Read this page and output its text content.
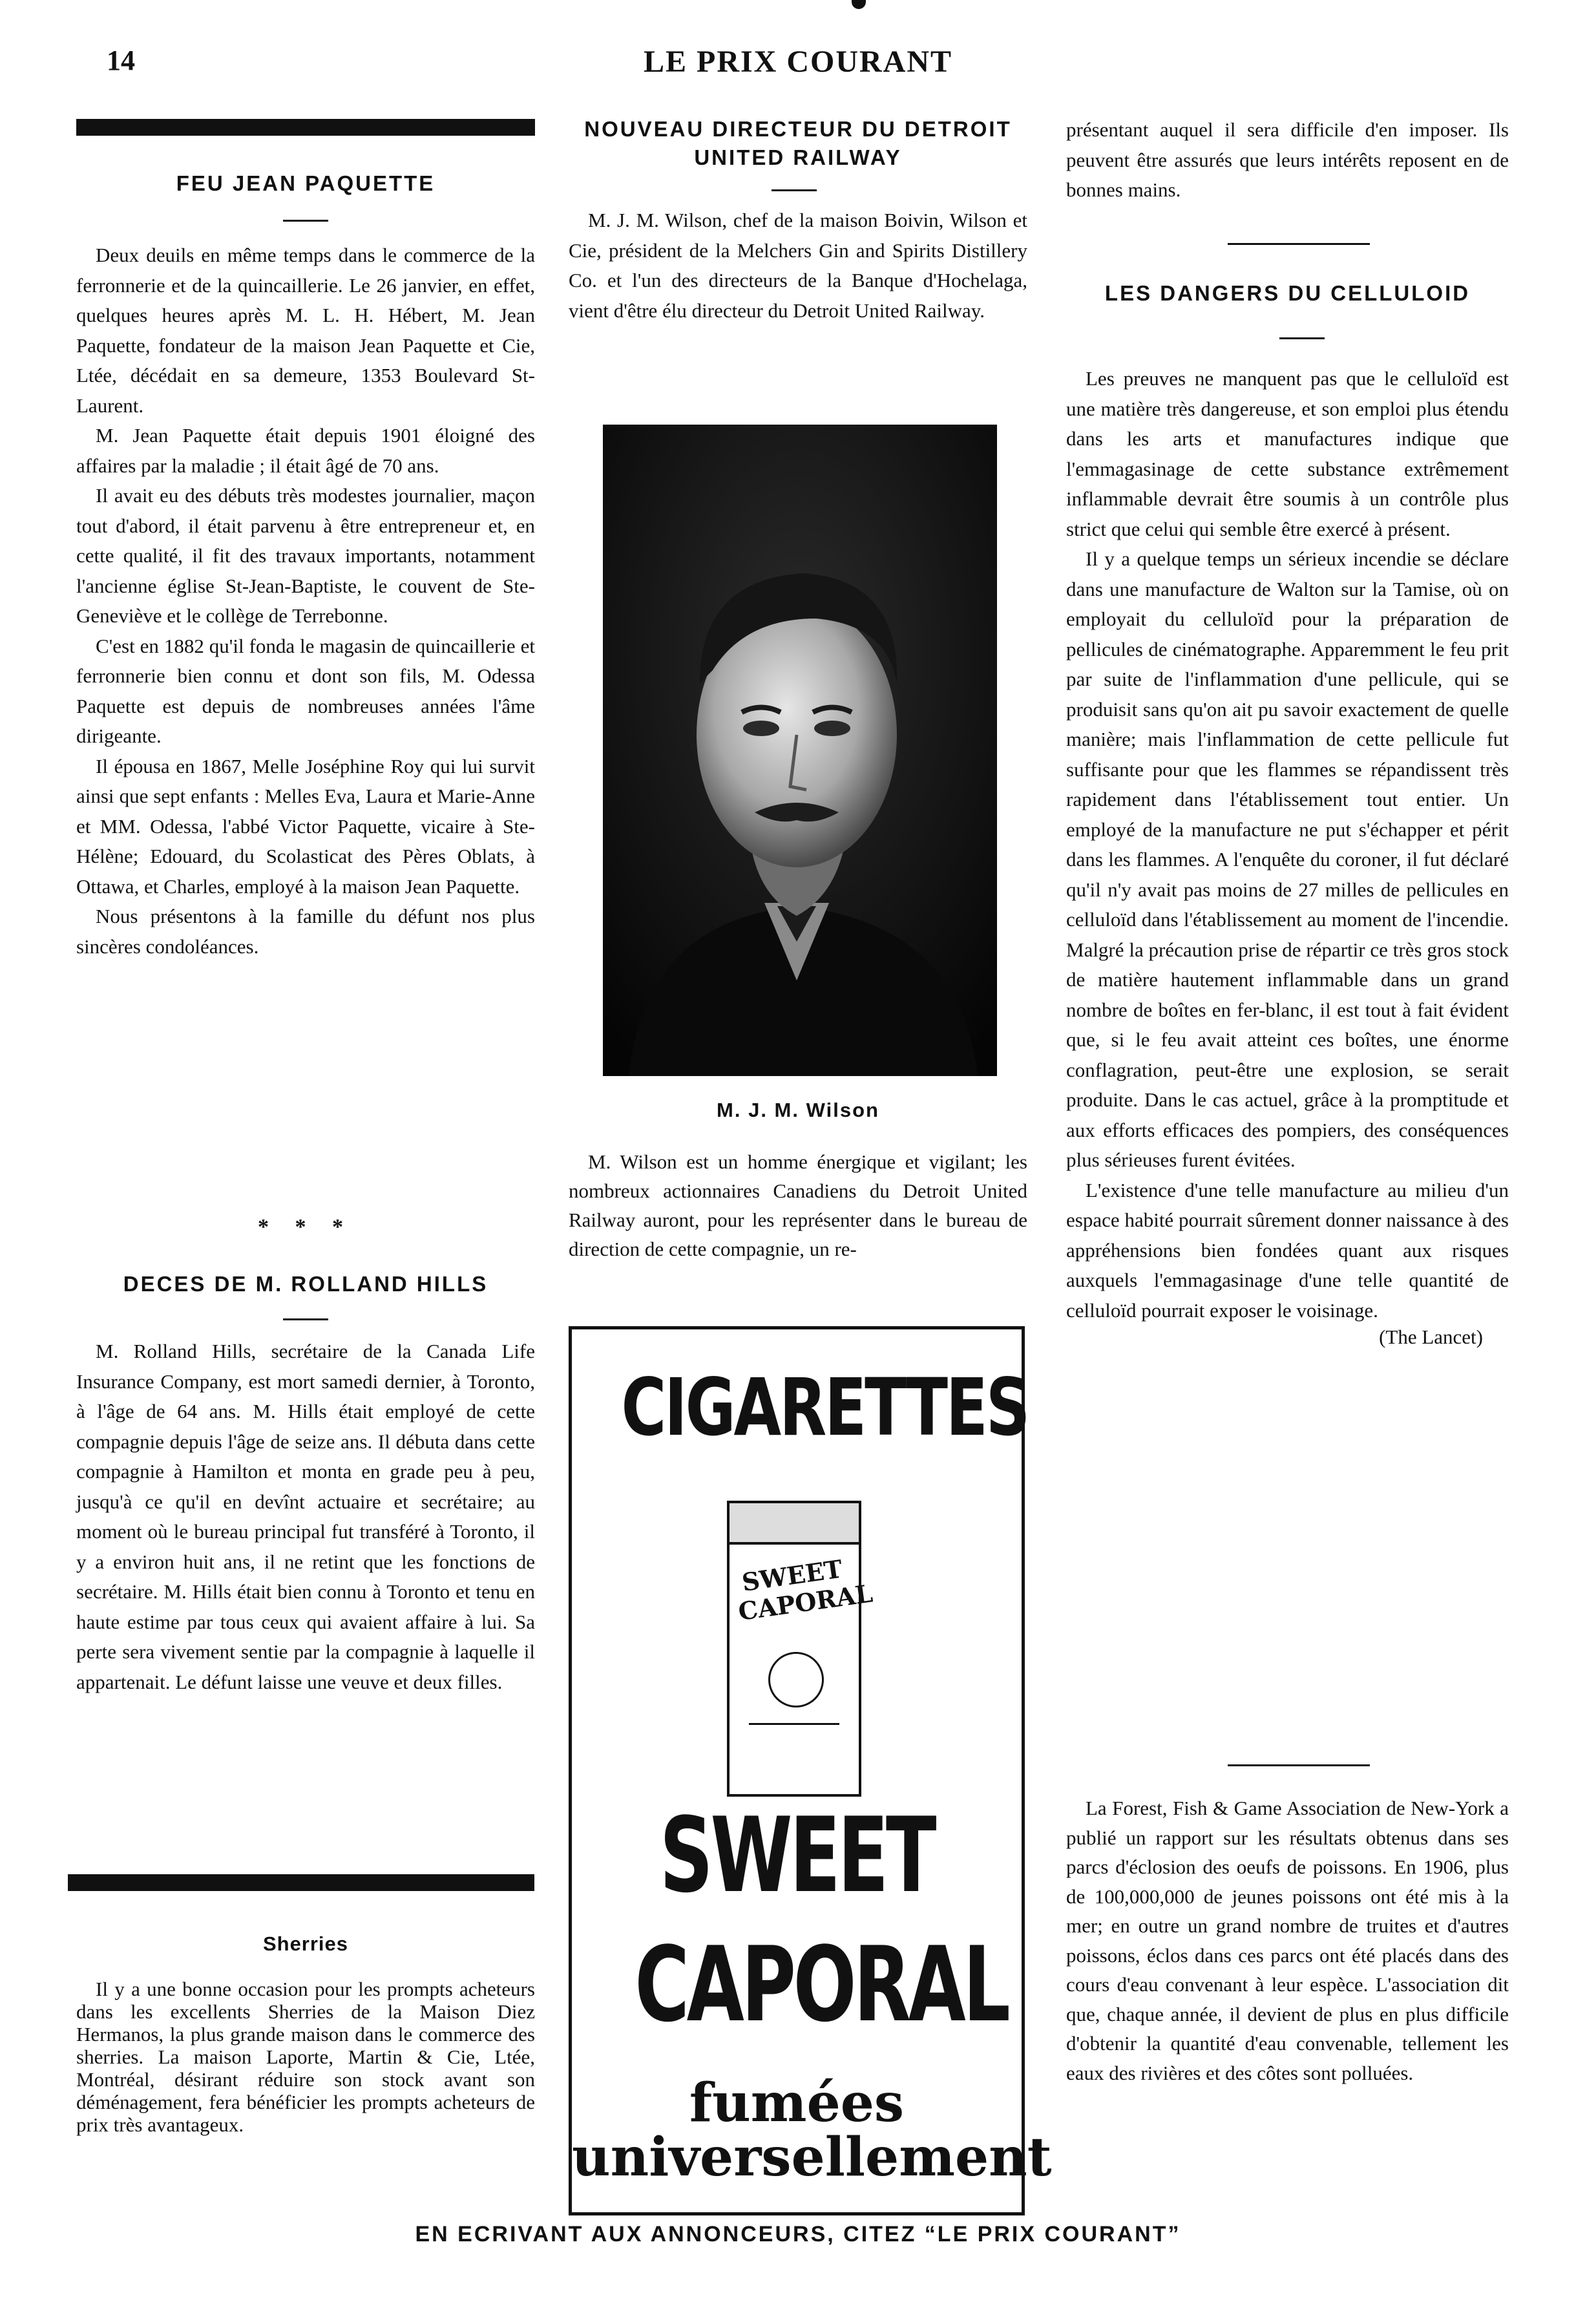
14	LE PRIX COURANT
FEU JEAN PAQUETTE

Deux deuils en même temps dans le commerce de la ferronnerie et de la quincaillerie. Le 26 janvier, en effet, quelques heures après M. L. H. Hébert, M. Jean Paquette, fondateur de la maison Jean Paquette et Cie, Ltée, décédait en sa demeure, 1353 Boulevard St-Laurent.

M. Jean Paquette était depuis 1901 éloigné des affaires par la maladie ; il était âgé de 70 ans.

Il avait eu des débuts très modestes journalier, maçon tout d'abord, il était parvenu à être entrepreneur et, en cette qualité, il fit des travaux importants, notamment l'ancienne église St-Jean-Baptiste, le couvent de Ste-Geneviève et le collège de Terrebonne.

C'est en 1882 qu'il fonda le magasin de quincaillerie et ferronnerie bien connu et dont son fils, M. Odessa Paquette est depuis de nombreuses années l'âme dirigeante.

Il épousa en 1867, Melle Joséphine Roy qui lui survit ainsi que sept enfants : Melles Eva, Laura et Marie-Anne et MM. Odessa, l'abbé Victor Paquette, vicaire à Ste-Hélène; Edouard, du Scolasticat des Pères Oblats, à Ottawa, et Charles, employé à la maison Jean Paquette.

Nous présentons à la famille du défunt nos plus sincères condoléances.

* * *
DECES DE M. ROLLAND HILLS

M. Rolland Hills, secrétaire de la Canada Life Insurance Company, est mort samedi dernier, à Toronto, à l'âge de 64 ans. M. Hills était employé de cette compagnie depuis l'âge de seize ans. Il débuta dans cette compagnie à Hamilton et monta en grade peu à peu, jusqu'à ce qu'il en devînt actuaire et secrétaire; au moment où le bureau principal fut transféré à Toronto, il y a environ huit ans, il ne retint que les fonctions de secrétaire. M. Hills était bien connu à Toronto et tenu en haute estime par tous ceux qui avaient affaire à lui. Sa perte sera vivement sentie par la compagnie à laquelle il appartenait. Le défunt laisse une veuve et deux filles.

Sherries

Il y a une bonne occasion pour les prompts acheteurs dans les excellents Sherries de la Maison Diez Hermanos, la plus grande maison dans le commerce des sherries. La maison Laporte, Martin & Cie, Ltée, Montréal, désirant réduire son stock avant son déménagement, fera bénéficier les prompts acheteurs de prix très avantageux.

NOUVEAU DIRECTEUR DU DETROIT
UNITED RAILWAY

M. J. M. Wilson, chef de la maison Boivin, Wilson et Cie, président de la Melchers Gin and Spirits Distillery Co. et l'un des directeurs de la Banque d'Hochelaga, vient d'être élu directeur du Detroit United Railway.

M. J. M. Wilson

M. Wilson est un homme énergique et vigilant; les nombreux actionnaires Canadiens du Detroit United Railway auront, pour les représenter dans le bureau de direction de cette compagnie, un re-

CIGARETTES
SWEET CAPORAL
SWEET
CAPORAL
fumées
universellement

présentant auquel il sera difficile d'en imposer. Ils peuvent être assurés que leurs intérêts reposent en de bonnes mains.

LES DANGERS DU CELLULOID

Les preuves ne manquent pas que le celluloïd est une matière très dangereuse, et son emploi plus étendu dans les arts et manufactures indique que l'emmagasinage de cette substance extrêmement inflammable devrait être soumis à un contrôle plus strict que celui qui semble être exercé à présent.

Il y a quelque temps un sérieux incendie se déclare dans une manufacture de Walton sur la Tamise, où on employait du celluloïd pour la préparation de pellicules de cinématographe. Apparemment le feu prit par suite de l'inflammation d'une pellicule, qui se produisit sans qu'on ait pu savoir exactement de quelle manière; mais l'inflammation de cette pellicule fut suffisante pour que les flammes se répandissent très rapidement dans l'établissement tout entier. Un employé de la manufacture ne put s'échapper et périt dans les flammes. A l'enquête du coroner, il fut déclaré qu'il n'y avait pas moins de 27 milles de pellicules en celluloïd dans l'établissement au moment de l'incendie. Malgré la précaution prise de répartir ce très gros stock de matière hautement inflammable dans un grand nombre de boîtes en fer-blanc, il est tout à fait évident que, si le feu avait atteint ces boîtes, une énorme conflagration, peut-être une explosion, se serait produite. Dans le cas actuel, grâce à la promptitude et aux efforts efficaces des pompiers, des conséquences plus sérieuses furent évitées.

L'existence d'une telle manufacture au milieu d'un espace habité pourrait sûrement donner naissance à des appréhensions bien fondées quant aux risques auxquels l'emmagasinage d'une telle quantité de celluloïd pourrait exposer le voisinage.

(The Lancet)

La Forest, Fish & Game Association de New-York a publié un rapport sur les résultats obtenus dans ses parcs d'éclosion des oeufs de poissons. En 1906, plus de 100,000,000 de jeunes poissons ont été mis à la mer; en outre un grand nombre de truites et d'autres poissons, éclos dans ces parcs ont été placés dans des cours d'eau convenant à leur espèce. L'association dit que, chaque année, il devient de plus en plus difficile d'obtenir la quantité d'eau convenable, tellement les eaux des rivières et des côtes sont polluées.

EN ECRIVANT AUX ANNONCEURS, CITEZ “LE PRIX COURANT”
